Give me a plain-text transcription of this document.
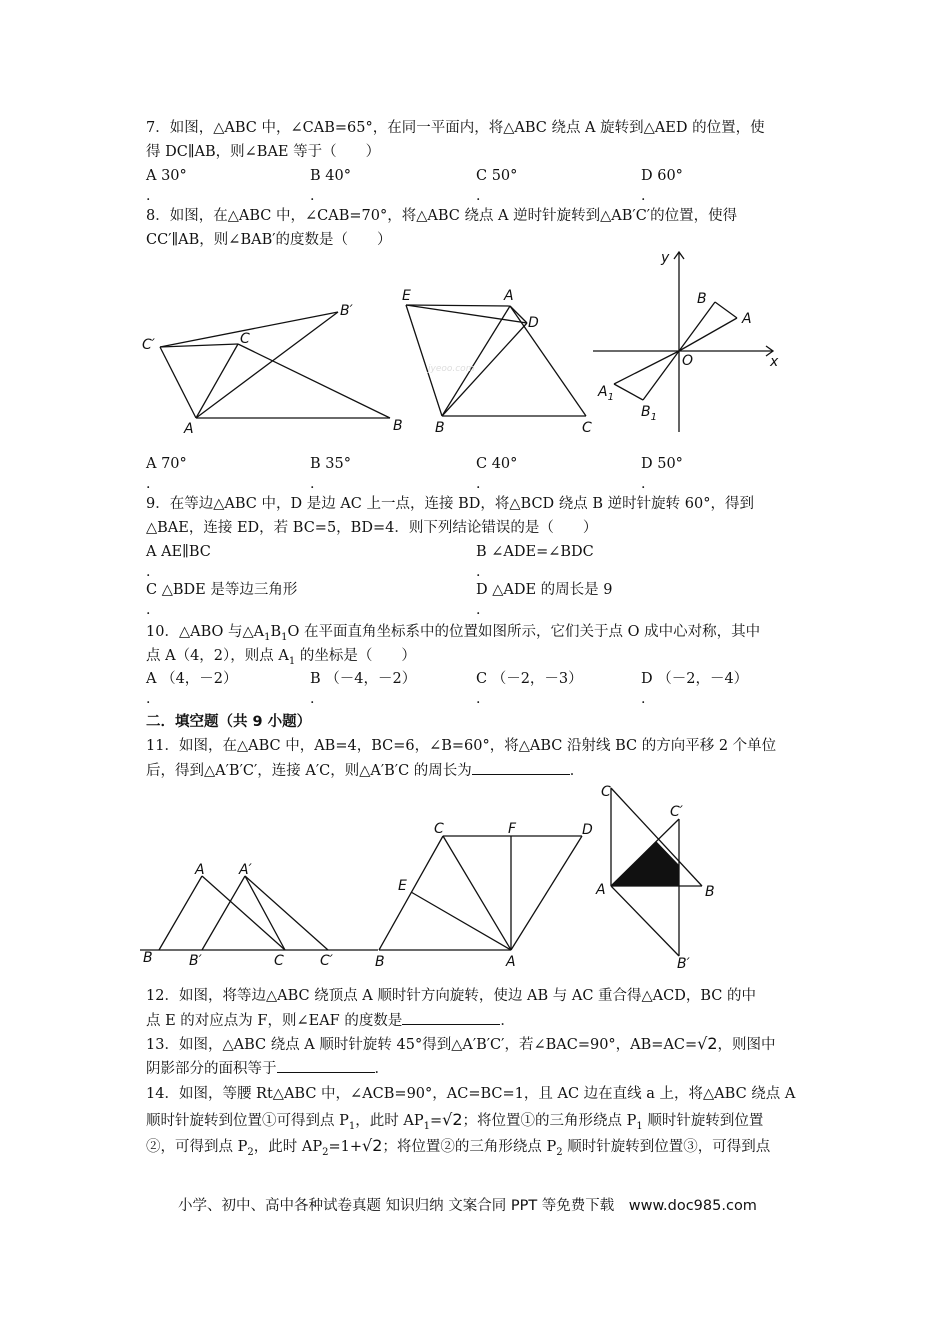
7．如图，△ABC 中，∠CAB=65°，在同一平面内，将△ABC 绕点 A 旋转到△AED 的位置，使
得 DC∥AB，则∠BAE 等于（　　）
A 30°	B 40°	C 50°	D 60°
.	.	.	.
8．如图，在△ABC 中，∠CAB=70°，将△ABC 绕点 A 逆时针旋转到△AB′C′的位置，使得
CC′∥AB，则∠BAB′的度数是（　　）
C′	C
B′
A	B
E	A
D
B	C
jyeoo.com
y
x
O
B
A
$A_1$
$B_1$
A 70°	B 35°	C 40°	D 50°
.	.	.	.
9．在等边△ABC 中，D 是边 AC 上一点，连接 BD，将△BCD 绕点 B 逆时针旋转 60°，得到
△BAE，连接 ED，若 BC=5，BD=4．则下列结论错误的是（　　）
A AE∥BC	B ∠ADE=∠BDC
.	.
C △BDE 是等边三角形	D △ADE 的周长是 9
.	.
10．△ABO 与$\triangle A_1B_1O$ 在平面直角坐标系中的位置如图所示，它们关于点 O 成中心对称，其中
点 A（4，2），则点 $A_1$ 的坐标是（　　）
A （4，－2）	B （－4，－2）	C （－2，－3）	D （－2，－4）
.	.	.	.
二．填空题（共 9 小题）
11．如图，在△ABC 中，AB=4，BC=6，∠B=60°，将△ABC 沿射线 BC 的方向平移 2 个单位
后，得到△A′B′C′，连接 A′C，则△A′B′C 的周长为	．
A A′
B	B′	C	C′
C	F	D
E
B	A
C
C′
A	B
B′
12．如图，将等边△ABC 绕顶点 A 顺时针方向旋转，使边 AB 与 AC 重合得△ACD，BC 的中
点 E 的对应点为 F，则∠EAF 的度数是	．
13．如图，△ABC 绕点 A 顺时针旋转 45°得到△A′B′C′，若∠BAC=90°，AB=AC=√2，则图中
阴影部分的面积等于	．
14．如图，等腰 Rt△ABC 中，∠ACB=90°，AC=BC=1，且 AC 边在直线 a 上，将△ABC 绕点 A
顺时针旋转到位置①可得到点 $P_1$，此时 $AP_1=√2$；将位置①的三角形绕点 $P_1$ 顺时针旋转到位置
②，可得到点 $P_2$，此时 $AP_2=1+√2$；将位置②的三角形绕点 $P_2$ 顺时针旋转到位置③，可得到点
小学、初中、高中各种试卷真题 知识归纳 文案合同 PPT 等免费下载　www.doc985.com
